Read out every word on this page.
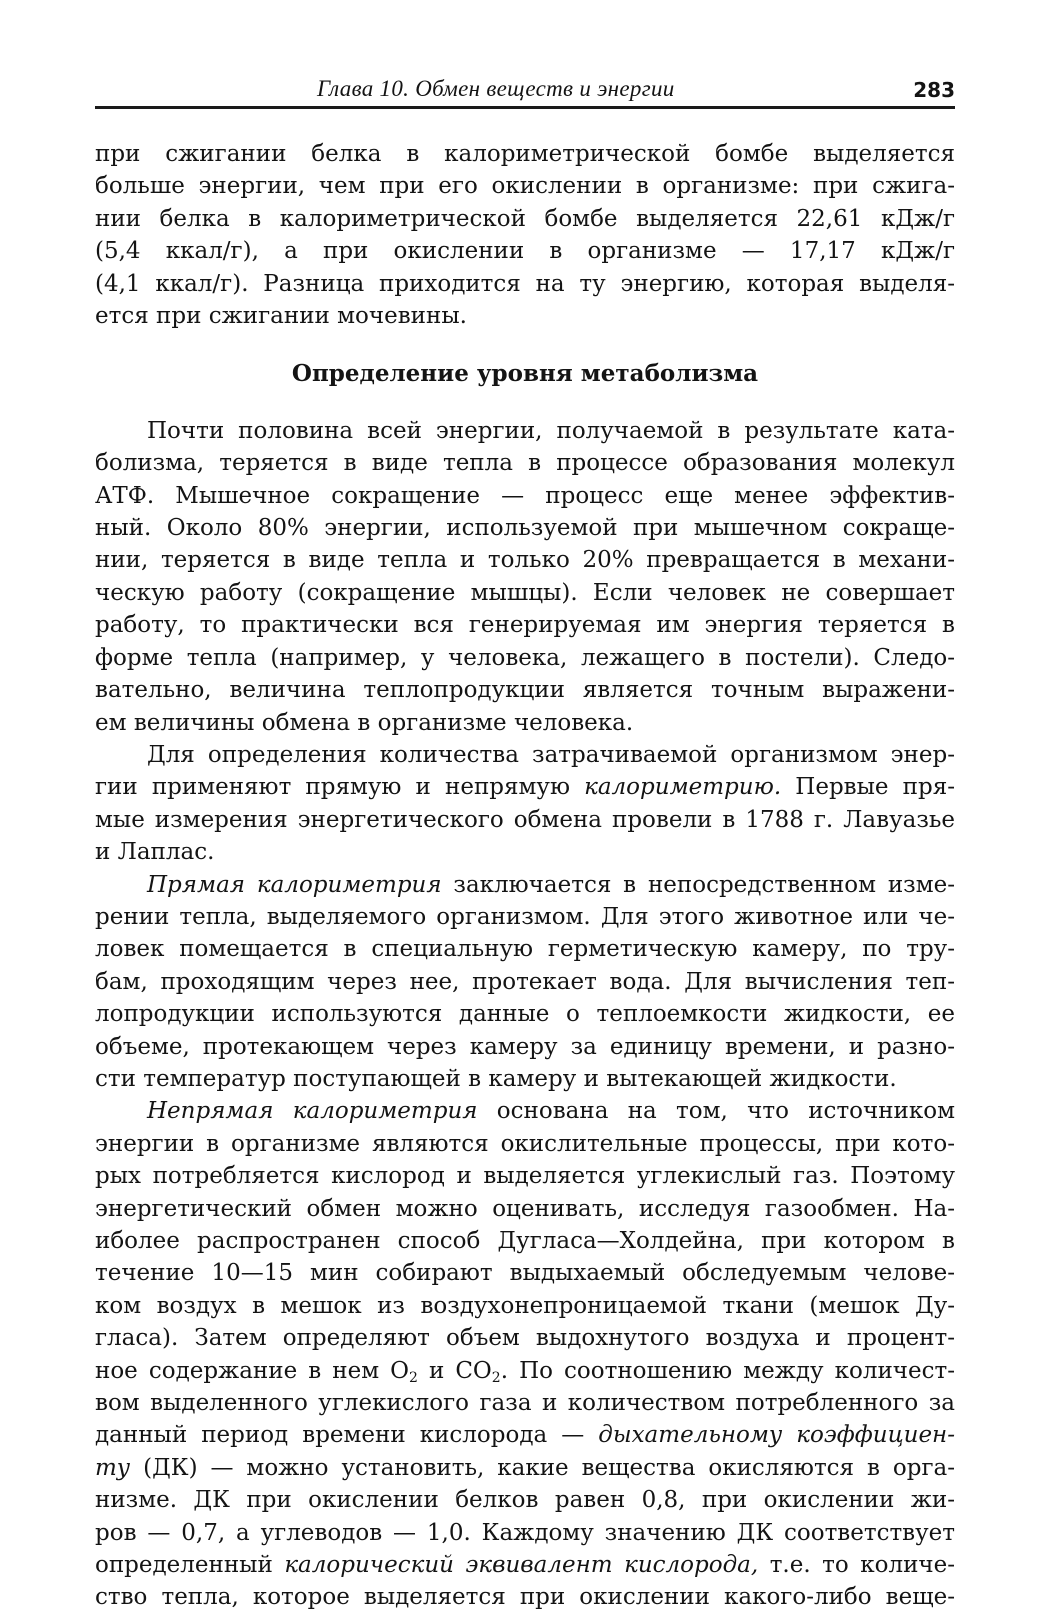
Глава 10. Обмен веществ и энергии	283
при сжигании белка в калориметрической бомбе выделяется
больше энергии, чем при его окислении в организме: при сжига-
нии белка в калориметрической бомбе выделяется 22,61 кДж/г
(5,4 ккал/г), а при окислении в организме — 17,17 кДж/г
(4,1 ккал/г). Разница приходится на ту энергию, которая выделя-
ется при сжигании мочевины.
Определение уровня метаболизма
Почти половина всей энергии, получаемой в результате ката-
болизма, теряется в виде тепла в процессе образования молекул
АТФ. Мышечное сокращение — процесс еще менее эффектив-
ный. Около 80% энергии, используемой при мышечном сокраще-
нии, теряется в виде тепла и только 20% превращается в механи-
ческую работу (сокращение мышцы). Если человек не совершает
работу, то практически вся генерируемая им энергия теряется в
форме тепла (например, у человека, лежащего в постели). Следо-
вательно, величина теплопродукции является точным выражени-
ем величины обмена в организме человека.
Для определения количества затрачиваемой организмом энер-
гии применяют прямую и непрямую калориметрию. Первые пря-
мые измерения энергетического обмена провели в 1788 г. Лавуазье
и Лаплас.
Прямая калориметрия заключается в непосредственном изме-
рении тепла, выделяемого организмом. Для этого животное или че-
ловек помещается в специальную герметическую камеру, по тру-
бам, проходящим через нее, протекает вода. Для вычисления теп-
лопродукции используются данные о теплоемкости жидкости, ее
объеме, протекающем через камеру за единицу времени, и разно-
сти температур поступающей в камеру и вытекающей жидкости.
Непрямая калориметрия основана на том, что источником
энергии в организме являются окислительные процессы, при кото-
рых потребляется кислород и выделяется углекислый газ. Поэтому
энергетический обмен можно оценивать, исследуя газообмен. На-
иболее распространен способ Дугласа—Холдейна, при котором в
течение 10—15 мин собирают выдыхаемый обследуемым челове-
ком воздух в мешок из воздухонепроницаемой ткани (мешок Ду-
гласа). Затем определяют объем выдохнутого воздуха и процент-
ное содержание в нем $O_2$ и $CO_2$. По соотношению между количест-
вом выделенного углекислого газа и количеством потребленного за
данный период времени кислорода — дыхательному коэффициен-
ту (ДК) — можно установить, какие вещества окисляются в орга-
низме. ДК при окислении белков равен 0,8, при окислении жи-
ров — 0,7, а углеводов — 1,0. Каждому значению ДК соответствует
определенный калорический эквивалент кислорода, т.е. то количе-
ство тепла, которое выделяется при окислении какого-либо веще-
